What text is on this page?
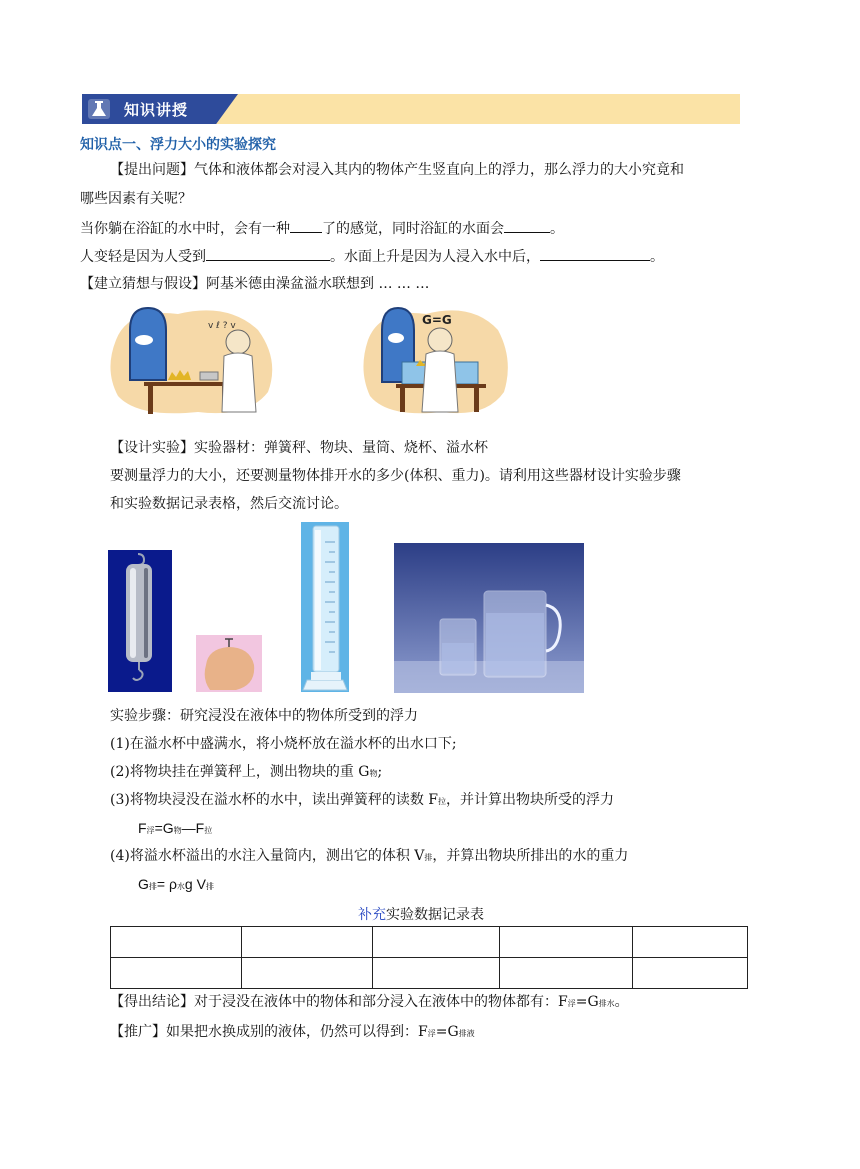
知识讲授
知识点一、浮力大小的实验探究
【提出问题】气体和液体都会对浸入其内的物体产生竖直向上的浮力，那么浮力的大小究竟和
哪些因素有关呢？
当你躺在浴缸的水中时，会有一种 了的感觉，同时浴缸的水面会	。
人变轻是因为人受到	。水面上升是因为人浸入水中后，	。
【建立猜想与假设】阿基米德由澡盆溢水联想到 … … …
v ℓ ? v	G=G
【设计实验】实验器材：弹簧秤、物块、量筒、烧杯、溢水杯
要测量浮力的大小，还要测量物体排开水的多少(体积、重力)。请利用这些器材设计实验步骤
和实验数据记录表格，然后交流讨论。
实验步骤：研究浸没在液体中的物体所受到的浮力
(1)在溢水杯中盛满水，将小烧杯放在溢水杯的出水口下;
(2)将物块挂在弹簧秤上，测出物块的重 G物;
(3)将物块浸没在溢水杯的水中，读出弹簧秤的读数 F拉，并计算出物块所受的浮力
F浮=G物—F拉
(4)将溢水杯溢出的水注入量筒内，测出它的体积 V排，并算出物块所排出的水的重力
G排= ρ水g V排
补充实验数据记录表

【得出结论】对于浸没在液体中的物体和部分浸入在液体中的物体都有：F浮=G排水。
【推广】如果把水换成别的液体，仍然可以得到：F浮=G排液
